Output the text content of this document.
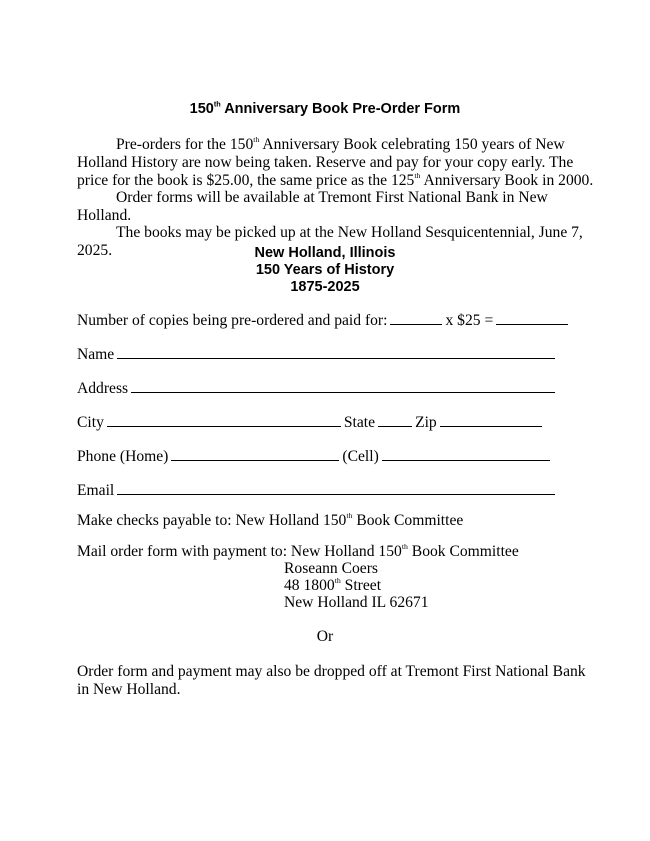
150th Anniversary Book Pre-Order Form
Pre-orders for the 150th Anniversary Book celebrating 150 years of New
Holland History are now being taken. Reserve and pay for your copy early. The
price for the book is $25.00, the same price as the 125th Anniversary Book in 2000.
Order forms will be available at Tremont First National Bank in New
Holland.
The books may be picked up at the New Holland Sesquicentennial, June 7,
2025.	New Holland, Illinois
150 Years of History
1875-2025
Number of copies being pre-ordered and paid for:	x $25 =
Name
Address
City	State	Zip
Phone (Home)	(Cell)
Email
Make checks payable to: New Holland 150th Book Committee
Mail order form with payment to: New Holland 150th Book Committee
Roseann Coers
48 1800th Street
New Holland IL 62671
Or
Order form and payment may also be dropped off at Tremont First National Bank
in New Holland.
